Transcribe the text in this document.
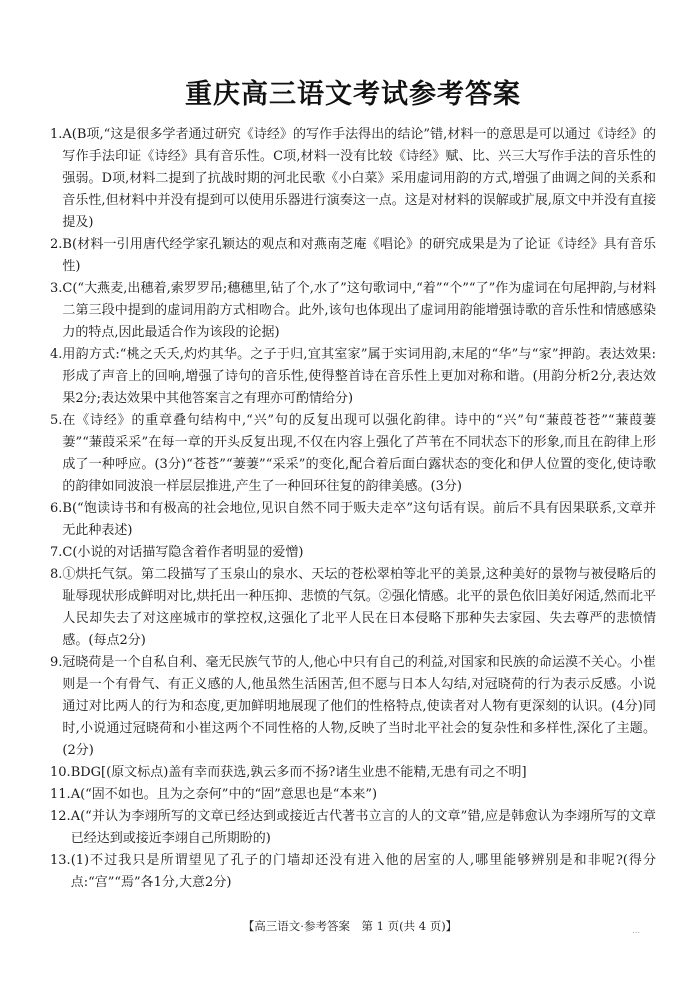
重庆高三语文考试参考答案
1. A(B项,“这是很多学者通过研究《诗经》的写作手法得出的结论”错,材料一的意思是可以通过《诗经》的写作手法印证《诗经》具有音乐性。C项,材料一没有比较《诗经》赋、比、兴三大写作手法的音乐性的强弱。D项,材料二提到了抗战时期的河北民歌《小白菜》采用虚词用韵的方式,增强了曲调之间的关系和音乐性,但材料中并没有提到可以使用乐器进行演奏这一点。这是对材料的误解或扩展,原文中并没有直接提及)
2. B(材料一引用唐代经学家孔颖达的观点和对燕南芝庵《唱论》的研究成果是为了论证《诗经》具有音乐性)
3. C(“大燕麦,出穗着,索罗罗吊;穗穗里,钻了个,水了”这句歌词中,“着”“个”“了”作为虚词在句尾押韵,与材料二第三段中提到的虚词用韵方式相吻合。此外,该句也体现出了虚词用韵能增强诗歌的音乐性和情感感染力的特点,因此最适合作为该段的论据)
4. 用韵方式:“桃之夭夭,灼灼其华。之子于归,宜其室家”属于实词用韵,末尾的“华”与“家”押韵。表达效果:形成了声音上的回响,增强了诗句的音乐性,使得整首诗在音乐性上更加对称和谐。(用韵分析2分,表达效果2分;表达效果中其他答案言之有理亦可酌情给分)
5. 在《诗经》的重章叠句结构中,“兴”句的反复出现可以强化韵律。诗中的“兴”句“蒹葭苍苍”“蒹葭萋萋”“蒹葭采采”在每一章的开头反复出现,不仅在内容上强化了芦苇在不同状态下的形象,而且在韵律上形成了一种呼应。(3分)“苍苍”“萋萋”“采采”的变化,配合着后面白露状态的变化和伊人位置的变化,使诗歌的韵律如同波浪一样层层推进,产生了一种回环往复的韵律美感。(3分)
6. B(“饱读诗书和有极高的社会地位,见识自然不同于贩夫走卒”这句话有误。前后不具有因果联系,文章并无此种表述)
7. C(小说的对话描写隐含着作者明显的爱憎)
8. ①烘托气氛。第二段描写了玉泉山的泉水、天坛的苍松翠柏等北平的美景,这种美好的景物与被侵略后的耻辱现状形成鲜明对比,烘托出一种压抑、悲愤的气氛。②强化情感。北平的景色依旧美好闲适,然而北平人民却失去了对这座城市的掌控权,这强化了北平人民在日本侵略下那种失去家园、失去尊严的悲愤情感。(每点2分)
9. 冠晓荷是一个自私自利、毫无民族气节的人,他心中只有自己的利益,对国家和民族的命运漠不关心。小崔则是一个有骨气、有正义感的人,他虽然生活困苦,但不愿与日本人勾结,对冠晓荷的行为表示反感。小说通过对比两人的行为和态度,更加鲜明地展现了他们的性格特点,使读者对人物有更深刻的认识。(4分)同时,小说通过冠晓荷和小崔这两个不同性格的人物,反映了当时北平社会的复杂性和多样性,深化了主题。(2分)
10. BDG[(原文标点)盖有幸而获选,孰云多而不扬?诸生业患不能精,无患有司之不明]
11. A(“固不如也。且为之奈何”中的“固”意思也是“本来”)
12. A(“并认为李翊所写的文章已经达到或接近古代著书立言的人的文章”错,应是韩愈认为李翊所写的文章已经达到或接近李翊自己所期盼的)
13. (1)不过我只是所谓望见了孔子的门墙却还没有进入他的居室的人,哪里能够辨别是和非呢?(得分点:“宫”“焉”各1分,大意2分)
【高三语文·参考答案　第 1 页(共 4 页)】	...
